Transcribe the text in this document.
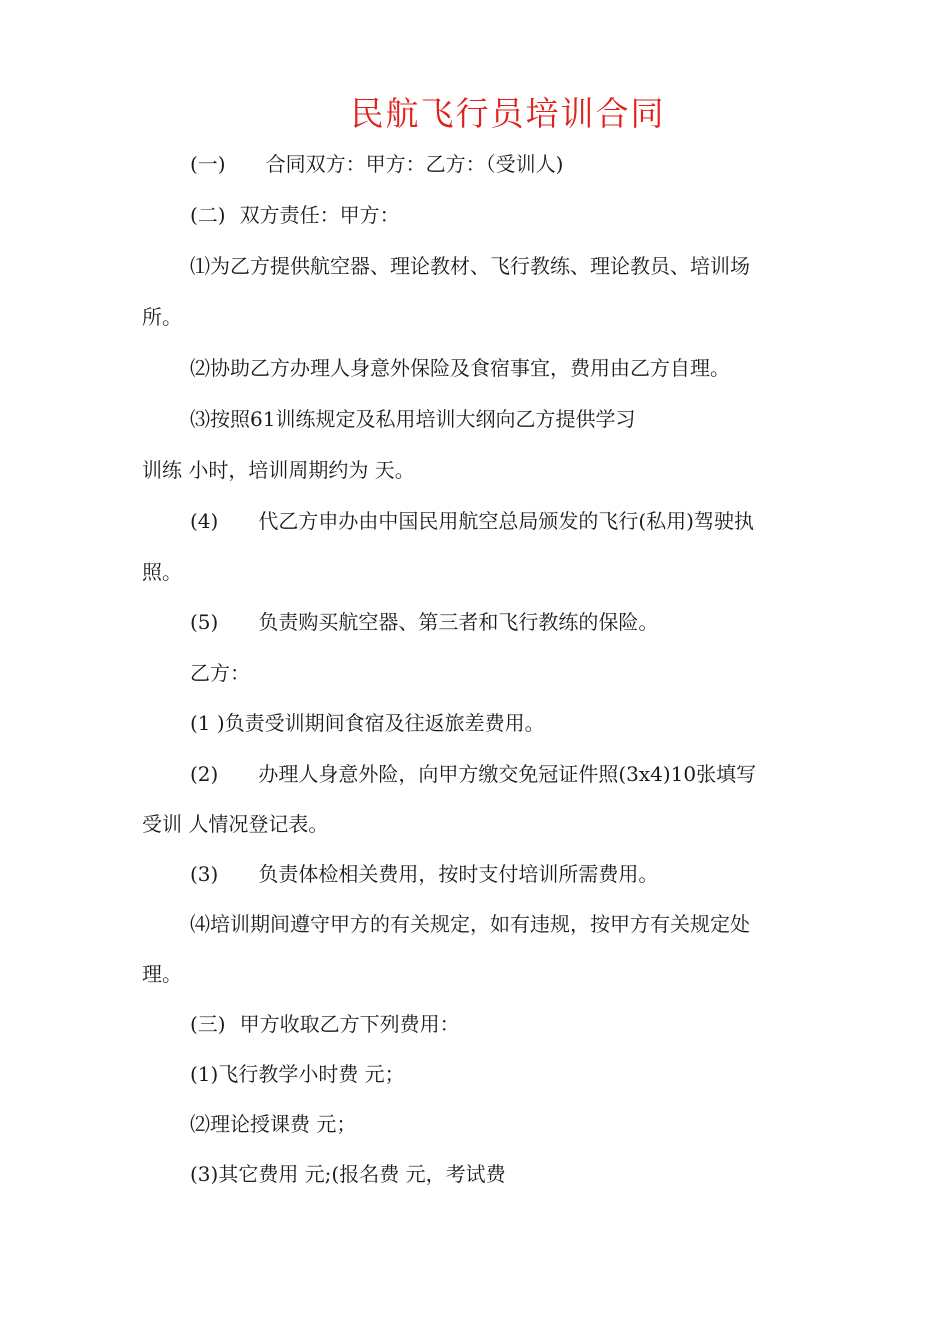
民航飞行员培训合同
(一) 合同双方：甲方：乙方：（受训人)
(二) 双方责任：甲方：
⑴为乙方提供航空器、理论教材、飞行教练、理论教员、培训场
所。
⑵协助乙方办理人身意外保险及食宿事宜，费用由乙方自理。
⑶按照61训练规定及私用培训大纲向乙方提供学习
训练 小时，培训周期约为 天。
(4) 代乙方申办由中国民用航空总局颁发的飞行(私用)驾驶执
照。
(5) 负责购买航空器、第三者和飞行教练的保险。
乙方：
(1 )负责受训期间食宿及往返旅差费用。
(2) 办理人身意外险，向甲方缴交免冠证件照(3x4)10张填写
受训 人情况登记表。
(3) 负责体检相关费用，按时支付培训所需费用。
⑷培训期间遵守甲方的有关规定，如有违规，按甲方有关规定处
理。
(三) 甲方收取乙方下列费用：
(1)飞行教学小时费 元；
⑵理论授课费 元；
(3)其它费用 元;(报名费 元，考试费
